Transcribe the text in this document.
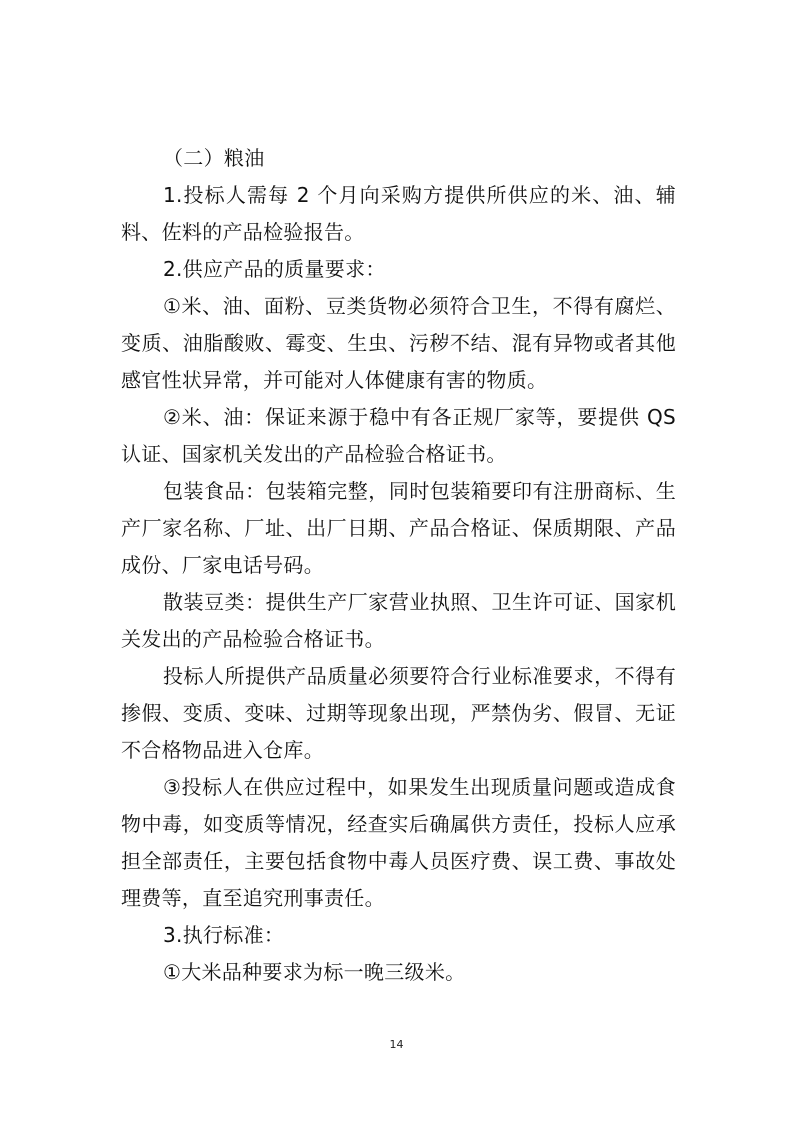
（二）粮油

1.投标人需每 2 个月向采购方提供所供应的米、油、辅料、佐料的产品检验报告。

2.供应产品的质量要求：

①米、油、面粉、豆类货物必须符合卫生，不得有腐烂、变质、油脂酸败、霉变、生虫、污秽不结、混有异物或者其他感官性状异常，并可能对人体健康有害的物质。

②米、油：保证来源于稳中有各正规厂家等，要提供 QS 认证、国家机关发出的产品检验合格证书。

包装食品：包装箱完整，同时包装箱要印有注册商标、生产厂家名称、厂址、出厂日期、产品合格证、保质期限、产品成份、厂家电话号码。

散装豆类：提供生产厂家营业执照、卫生许可证、国家机关发出的产品检验合格证书。

投标人所提供产品质量必须要符合行业标准要求，不得有掺假、变质、变味、过期等现象出现，严禁伪劣、假冒、无证不合格物品进入仓库。

③投标人在供应过程中，如果发生出现质量问题或造成食物中毒，如变质等情况，经查实后确属供方责任，投标人应承担全部责任，主要包括食物中毒人员医疗费、误工费、事故处理费等，直至追究刑事责任。

3.执行标准：

①大米品种要求为标一晚三级米。

14
